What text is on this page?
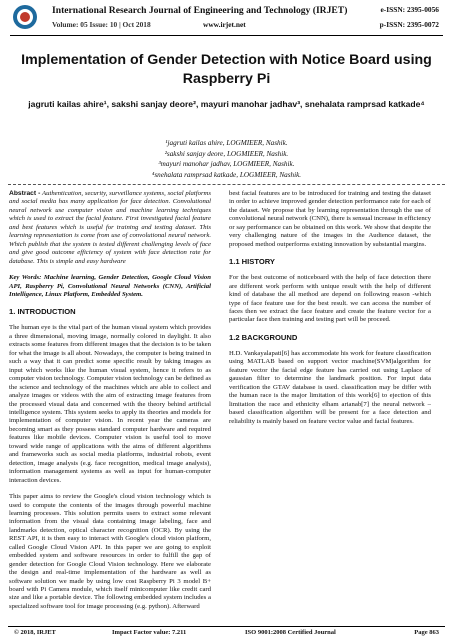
International Research Journal of Engineering and Technology (IRJET)
Volume: 05 Issue: 10 | Oct 2018	www.irjet.net
e-ISSN: 2395-0056
p-ISSN: 2395-0072
Implementation of Gender Detection with Notice Board using Raspberry Pi
jagruti kailas ahire¹, sakshi sanjay deore², mayuri manohar jadhav³, snehalata ramprsad katkade⁴
¹jagruti kailas ahire, LOGMIEER, Nashik.
²sakshi sanjay deore, LOGMIEER, Nashik.
³mayuri manohar jadhav, LOGMIEER, Nashik.
⁴snehalata ramprsad katkade, LOGMIEER, Nashik.

Abstract - Authentication, security, surveillance systems, social platforms and social media has many application for face detection. Convolutional neural network use computer vision and machine learning techniques which is used to extract the facial feature. First investigated facial feature and best features which is useful for training and testing dataset. This learning representation is come from use of convolutional neural network. Which publish that the system is tested different challenging levels of face and give good outcome efficiency of system with face detection rate for database. This is simple and easy hardware

Key Words: Machine learning, Gender Detection, Google Cloud Vision API, Raspberry Pi, Convolutional Neural Networks (CNN), Artificial Intelligence, Linux Platform, Embedded System.

1. INTRODUCTION

The human eye is the vital part of the human visual system which provides a three dimensional, moving image, normally colored in daylight. It also extracts some features from different images that the decision is to be taken for what the image is all about. Nowadays, the computer is being trained in such a way that it can predict some specific result by taking images as input which works like the human visual system, hence it refers to as computer vision technology. Computer vision technology can be defined as the science and technology of the machines which are able to collect and analyze images or videos with the aim of extracting image features from the processed visual data and concerned with the theory behind artificial intelligence system. This system seeks to apply its theories and models for implementation of computer vision. In recent year the cameras are becoming smart as they possess standard computer hardware and required features like mobile devices. Computer vision is useful tool to move toward wide range of applications with the aims of different algorithms and frameworks such as social media platforms, industrial robots, event detection, image analysis (e.g. face recognition, medical image analysis), information management systems as well as input for human-computer interaction devices.

This paper aims to review the Google's cloud vision technology which is used to compute the contents of the images through powerful machine learning processes. This solution permits users to extract some relevant information from the visual data containing image labeling, face and landmarks detection, optical character recognition (OCR). By using the REST API, it is then easy to interact with Google's cloud vision platform, called Google Cloud Vision API. In this paper we are going to exploit embedded system and software resources in order to fulfill the gap of gender detection for Google Cloud Vision technology. Here we elaborate the design and real-time implementation of the hardware as well as software solution we made by using low cost Raspberry Pi 3 model B+ board with Pi Camera module, which itself minicomputer like credit card size and like a portable device. The following embedded system includes a specialized software tool for image processing (e.g. python). Afterward

best facial features are to be introduced for training and testing the dataset in order to achieve improved gender detection performance rate for each of the dataset. We propose that by learning representation through the use of convolutional neural network (CNN), there is sensual increase in efficiency or say performance can be obtained on this work. We show that despite the very challenging nature of the images in the Audience dataset, the proposed method outperforms existing innovation by substantial margins.

1.1 HISTORY

For the best outcome of noticeboard with the help of face detection there are different work perform with unique result with the help of different kind of database the all method are depend on following reason -which type of face feature use for the best result. we can access the number of faces then we extract the face feature and create the feature vector for a particular face then training and testing part will be proceed.

1.2 BACKGROUND

H.D. Vankayalapati[6] has accommodate his work for feature classification using MATLAB based on support vector machine(SVM)algorithm for feature vector the facial edge feature has carried out using Laplace of gaussian filter to determine the landmark position. For input data verification the GTAV database is used. classification may be differ with the human race is the major limitation of this work[6] to ejection of this limitation the race and ethnicity elham arianab[7] the neural network –based classification algorithm will be present for a face detection and reliability is mainly based on feature vector value and facial features.

© 2018, IRJET	Impact Factor value: 7.211	ISO 9001:2008 Certified Journal	Page 863
